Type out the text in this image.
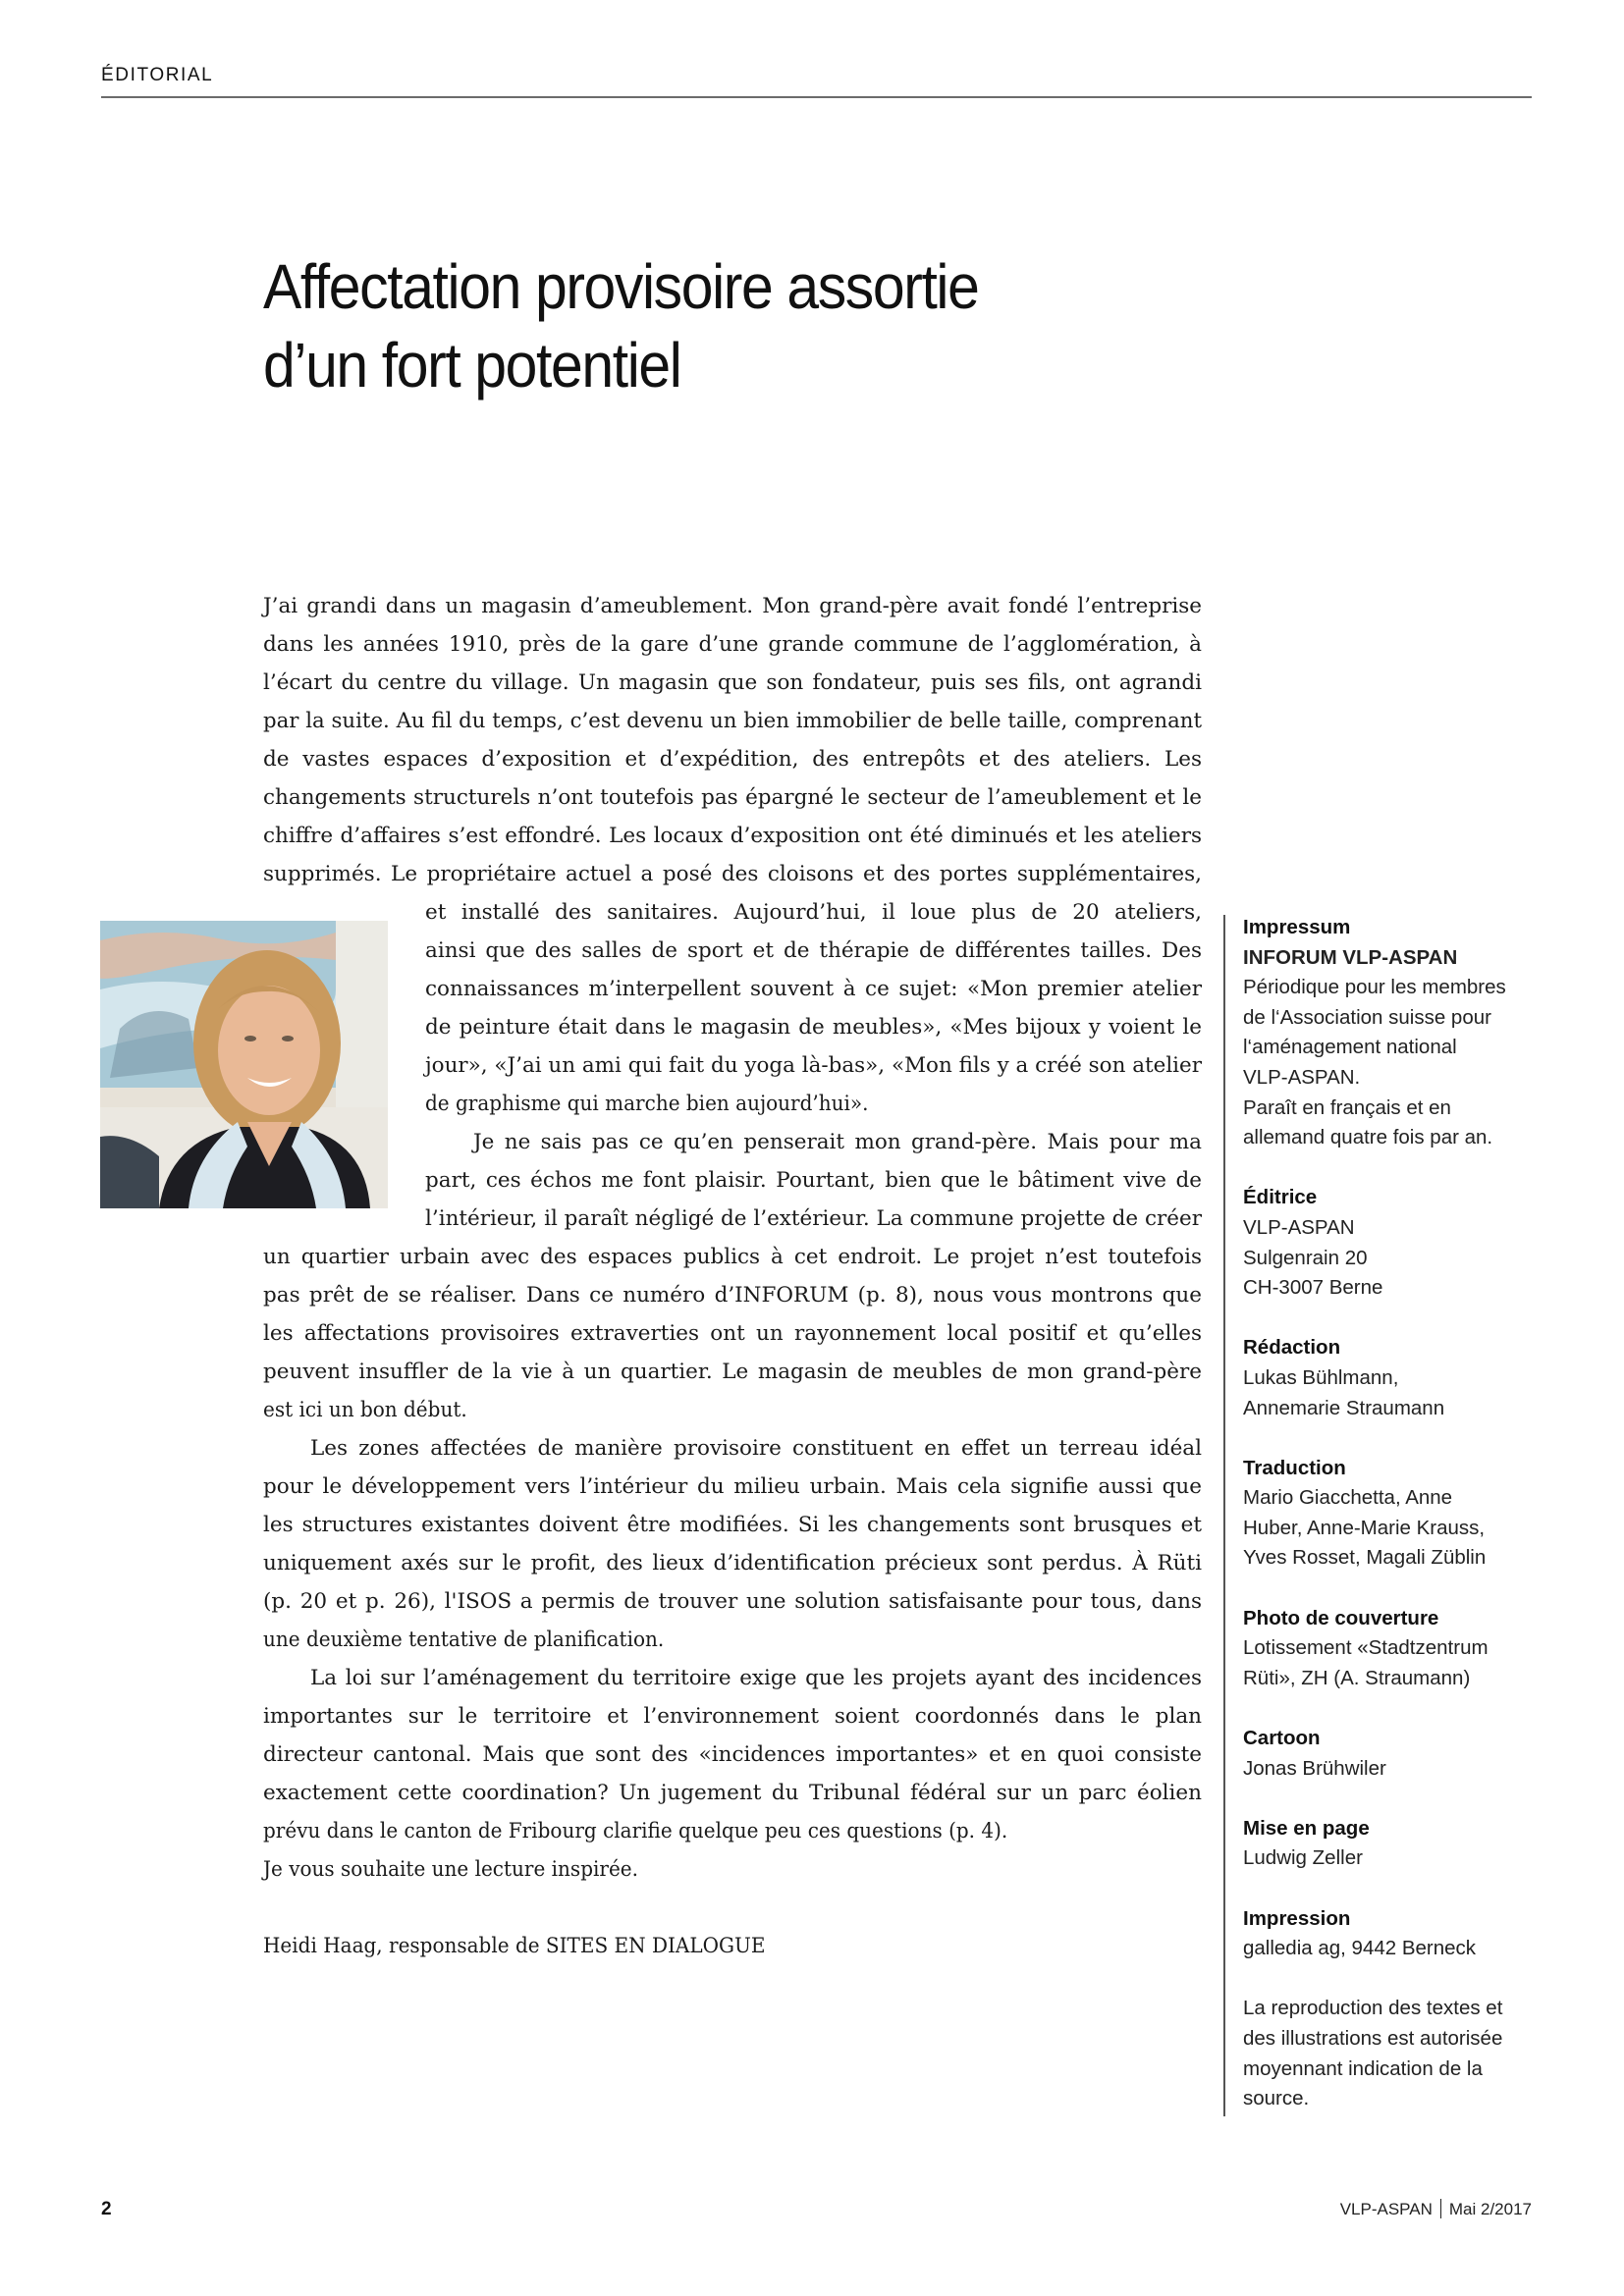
ÉDITORIAL
Affectation provisoire assortie
d’un fort potentiel
J’ai grandi dans un magasin d’ameublement. Mon grand-père avait fondé l’entreprise
dans les années 1910, près de la gare d’une grande commune de l’agglomération, à
l’écart du centre du village. Un magasin que son fondateur, puis ses fils, ont agrandi
par la suite. Au fil du temps, c’est devenu un bien immobilier de belle taille, comprenant
de vastes espaces d’exposition et d’expédition, des entrepôts et des ateliers. Les
changements structurels n’ont toutefois pas épargné le secteur de l’ameublement et le
chiffre d’affaires s’est effondré. Les locaux d’exposition ont été diminués et les ateliers
supprimés. Le propriétaire actuel a posé des cloisons et des portes supplémentaires,
et installé des sanitaires. Aujourd’hui, il loue plus de 20 ateliers,
ainsi que des salles de sport et de thérapie de différentes tailles. Des
connaissances m’interpellent souvent à ce sujet: «Mon premier atelier
de peinture était dans le magasin de meubles», «Mes bijoux y voient le
jour», «J’ai un ami qui fait du yoga là-bas», «Mon fils y a créé son atelier
de graphisme qui marche bien aujourd’hui».
Je ne sais pas ce qu’en penserait mon grand-père. Mais pour ma
part, ces échos me font plaisir. Pourtant, bien que le bâtiment vive de
l’intérieur, il paraît négligé de l’extérieur. La commune projette de créer
un quartier urbain avec des espaces publics à cet endroit. Le projet n’est toutefois
pas prêt de se réaliser. Dans ce numéro d’INFORUM (p. 8), nous vous montrons que
les affectations provisoires extraverties ont un rayonnement local positif et qu’elles
peuvent insuffler de la vie à un quartier. Le magasin de meubles de mon grand-père
est ici un bon début.
Les zones affectées de manière provisoire constituent en effet un terreau idéal
pour le développement vers l’intérieur du milieu urbain. Mais cela signifie aussi que
les structures existantes doivent être modifiées. Si les changements sont brusques et
uniquement axés sur le profit, des lieux d’identification précieux sont perdus. À Rüti
(p. 20 et p. 26), l'ISOS a permis de trouver une solution satisfaisante pour tous, dans
une deuxième tentative de planification.
La loi sur l’aménagement du territoire exige que les projets ayant des incidences
importantes sur le territoire et l’environnement soient coordonnés dans le plan
directeur cantonal. Mais que sont des «incidences importantes» et en quoi consiste
exactement cette coordination? Un jugement du Tribunal fédéral sur un parc éolien
prévu dans le canton de Fribourg clarifie quelque peu ces questions (p. 4).
Je vous souhaite une lecture inspirée.
Heidi Haag, responsable de SITES EN DIALOGUE
Impressum
INFORUM VLP-ASPAN
Périodique pour les membres
de l‘Association suisse pour
l‘aménagement national
VLP-ASPAN.
Paraît en français et en
allemand quatre fois par an.
Éditrice
VLP-ASPAN
Sulgenrain 20
CH-3007 Berne
Rédaction
Lukas Bühlmann,
Annemarie Straumann
Traduction
Mario Giacchetta, Anne
Huber, Anne-Marie Krauss,
Yves Rosset, Magali Züblin
Photo de couverture
Lotissement «Stadtzentrum
Rüti», ZH (A. Straumann)
Cartoon
Jonas Brühwiler
Mise en page
Ludwig Zeller
Impression
galledia ag, 9442 Berneck
La reproduction des textes et
des illustrations est autorisée
moyennant indication de la
source.
2	VLP-ASPAN Mai 2/2017
